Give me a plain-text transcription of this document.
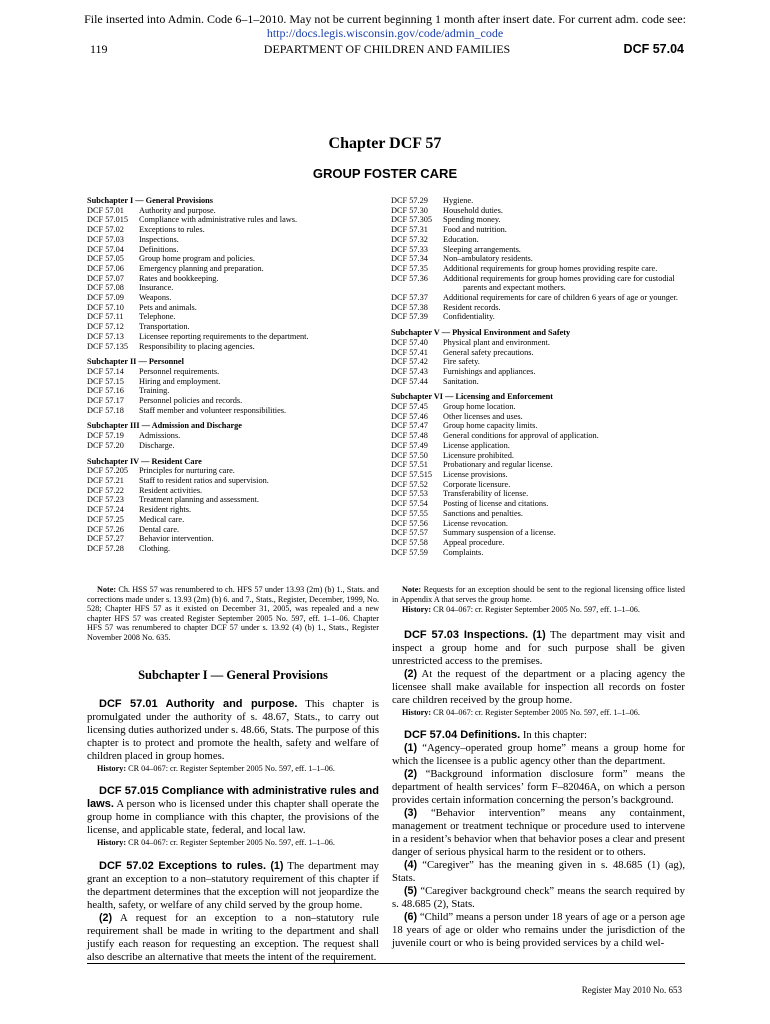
File inserted into Admin. Code 6–1–2010. May not be current beginning 1 month after insert date. For current adm. code see:
http://docs.legis.wisconsin.gov/code/admin_code
119	DEPARTMENT OF CHILDREN AND FAMILIES	DCF 57.04
Chapter DCF 57
GROUP FOSTER CARE
Subchapter I — General Provisions
DCF 57.01	Authority and purpose.
DCF 57.015	Compliance with administrative rules and laws.
DCF 57.02	Exceptions to rules.
DCF 57.03	Inspections.
DCF 57.04	Definitions.
DCF 57.05	Group home program and policies.
DCF 57.06	Emergency planning and preparation.
DCF 57.07	Rates and bookkeeping.
DCF 57.08	Insurance.
DCF 57.09	Weapons.
DCF 57.10	Pets and animals.
DCF 57.11	Telephone.
DCF 57.12	Transportation.
DCF 57.13	Licensee reporting requirements to the department.
DCF 57.135	Responsibility to placing agencies.
Subchapter II — Personnel
DCF 57.14	Personnel requirements.
DCF 57.15	Hiring and employment.
DCF 57.16	Training.
DCF 57.17	Personnel policies and records.
DCF 57.18	Staff member and volunteer responsibilities.
Subchapter III — Admission and Discharge
DCF 57.19	Admissions.
DCF 57.20	Discharge.
Subchapter IV — Resident Care
DCF 57.205	Principles for nurturing care.
DCF 57.21	Staff to resident ratios and supervision.
DCF 57.22	Resident activities.
DCF 57.23	Treatment planning and assessment.
DCF 57.24	Resident rights.
DCF 57.25	Medical care.
DCF 57.26	Dental care.
DCF 57.27	Behavior intervention.
DCF 57.28	Clothing.
DCF 57.29	Hygiene.
DCF 57.30	Household duties.
DCF 57.305	Spending money.
DCF 57.31	Food and nutrition.
DCF 57.32	Education.
DCF 57.33	Sleeping arrangements.
DCF 57.34	Non–ambulatory residents.
DCF 57.35	Additional requirements for group homes providing respite care.
DCF 57.36	Additional requirements for group homes providing care for custodial
parents and expectant mothers.
DCF 57.37	Additional requirements for care of children 6 years of age or younger.
DCF 57.38	Resident records.
DCF 57.39	Confidentiality.
Subchapter V — Physical Environment and Safety
DCF 57.40	Physical plant and environment.
DCF 57.41	General safety precautions.
DCF 57.42	Fire safety.
DCF 57.43	Furnishings and appliances.
DCF 57.44	Sanitation.
Subchapter VI — Licensing and Enforcement
DCF 57.45	Group home location.
DCF 57.46	Other licenses and uses.
DCF 57.47	Group home capacity limits.
DCF 57.48	General conditions for approval of application.
DCF 57.49	License application.
DCF 57.50	Licensure prohibited.
DCF 57.51	Probationary and regular license.
DCF 57.515	License provisions.
DCF 57.52	Corporate licensure.
DCF 57.53	Transferability of license.
DCF 57.54	Posting of license and citations.
DCF 57.55	Sanctions and penalties.
DCF 57.56	License revocation.
DCF 57.57	Summary suspension of a license.
DCF 57.58	Appeal procedure.
DCF 57.59	Complaints.

Note: Ch. HSS 57 was renumbered to ch. HFS 57 under 13.93 (2m) (b) 1., Stats. and corrections made under s. 13.93 (2m) (b) 6. and 7., Stats., Register, December, 1999, No. 528; Chapter HFS 57 as it existed on December 31, 2005, was repealed and a new chapter HFS 57 was created Register September 2005 No. 597, eff. 1–1–06. Chapter HFS 57 was renumbered to chapter DCF 57 under s. 13.92 (4) (b) 1., Stats., Register November 2008 No. 635.

Subchapter I — General Provisions

DCF 57.01 Authority and purpose. This chapter is promulgated under the authority of s. 48.67, Stats., to carry out licensing duties authorized under s. 48.66, Stats. The purpose of this chapter is to protect and promote the health, safety and welfare of children placed in group homes.

History: CR 04–067: cr. Register September 2005 No. 597, eff. 1–1–06.

DCF 57.015 Compliance with administrative rules and laws. A person who is licensed under this chapter shall operate the group home in compliance with this chapter, the provisions of the license, and applicable state, federal, and local law.

History: CR 04–067: cr. Register September 2005 No. 597, eff. 1–1–06.

DCF 57.02 Exceptions to rules. (1) The department may grant an exception to a non–statutory requirement of this chapter if the department determines that the exception will not jeopardize the health, safety, or welfare of any child served by the group home.

(2) A request for an exception to a non–statutory rule requirement shall be made in writing to the department and shall justify each reason for requesting an exception. The request shall also describe an alternative that meets the intent of the requirement.

Note: Requests for an exception should be sent to the regional licensing office listed in Appendix A that serves the group home.

History: CR 04–067: cr. Register September 2005 No. 597, eff. 1–1–06.

DCF 57.03 Inspections. (1) The department may visit and inspect a group home and for such purpose shall be given unrestricted access to the premises.

(2) At the request of the department or a placing agency the licensee shall make available for inspection all records on foster care children received by the group home.

History: CR 04–067: cr. Register September 2005 No. 597, eff. 1–1–06.

DCF 57.04 Definitions. In this chapter:

(1) “Agency–operated group home” means a group home for which the licensee is a public agency other than the department.

(2) “Background information disclosure form” means the department of health services’ form F–82046A, on which a person provides certain information concerning the person’s background.

(3) “Behavior intervention” means any containment, management or treatment technique or procedure used to intervene in a resident’s behavior when that behavior poses a clear and present danger of serious physical harm to the resident or to others.

(4) “Caregiver” has the meaning given in s. 48.685 (1) (ag), Stats.

(5) “Caregiver background check” means the search required by s. 48.685 (2), Stats.

(6) “Child” means a person under 18 years of age or a person age 18 years of age or older who remains under the jurisdiction of the juvenile court or who is being provided services by a child wel-

Register May 2010 No. 653
